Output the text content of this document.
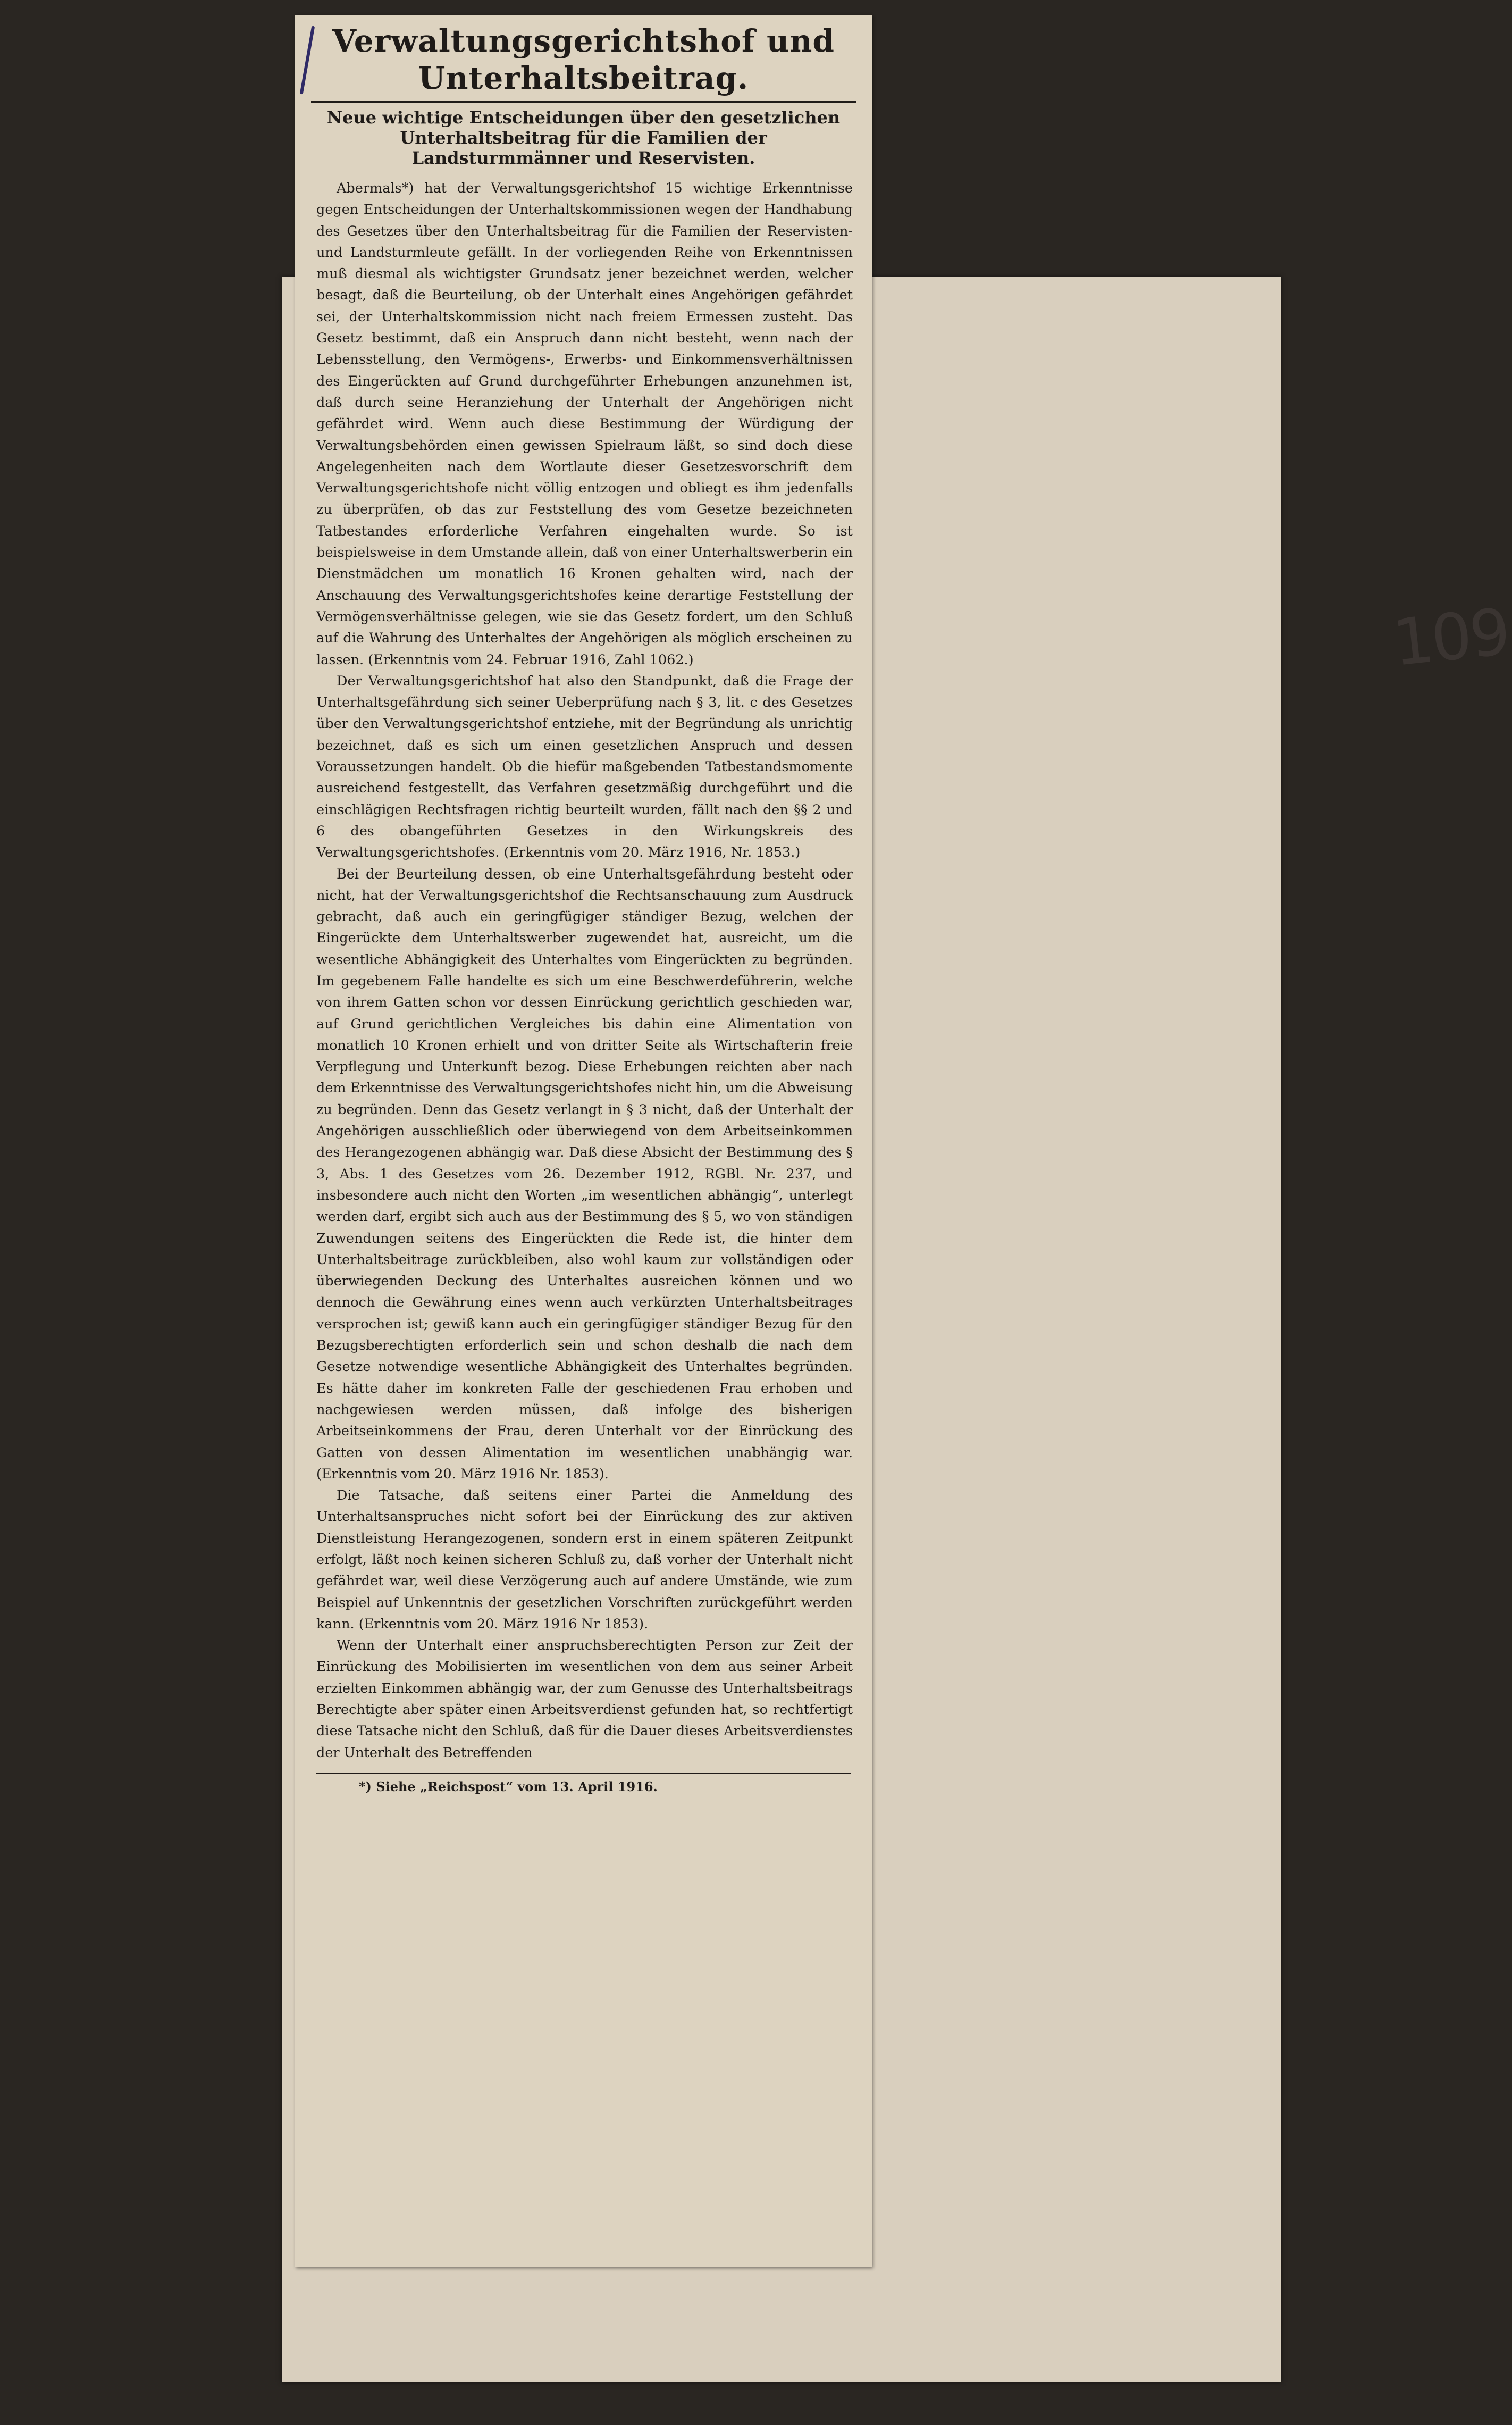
109
Verwaltungsgerichtshof und Unterhaltsbeitrag.
Neue wichtige Entscheidungen über den gesetzlichen Unterhaltsbeitrag für die Familien der Landsturmmänner und Reservisten.

Abermals*) hat der Verwaltungsgerichtshof 15 wichtige Erkenntnisse gegen Entscheidungen der Unterhaltskommissionen wegen der Handhabung des Gesetzes über den Unterhaltsbeitrag für die Familien der Reservisten- und Landsturmleute gefällt. In der vorliegenden Reihe von Erkenntnissen muß diesmal als wichtigster Grundsatz jener bezeichnet werden, welcher besagt, daß die Beurteilung, ob der Unterhalt eines Angehörigen gefährdet sei, der Unterhaltskommission nicht nach freiem Ermessen zusteht. Das Gesetz bestimmt, daß ein Anspruch dann nicht besteht, wenn nach der Lebensstellung, den Vermögens-, Erwerbs- und Einkommensverhältnissen des Eingerückten auf Grund durchgeführter Erhebungen anzunehmen ist, daß durch seine Heranziehung der Unterhalt der Angehörigen nicht gefährdet wird. Wenn auch diese Bestimmung der Würdigung der Verwaltungsbehörden einen gewissen Spielraum läßt, so sind doch diese Angelegenheiten nach dem Wortlaute dieser Gesetzesvorschrift dem Verwaltungsgerichtshofe nicht völlig entzogen und obliegt es ihm jedenfalls zu überprüfen, ob das zur Feststellung des vom Gesetze bezeichneten Tatbestandes erforderliche Verfahren eingehalten wurde. So ist beispielsweise in dem Umstande allein, daß von einer Unterhaltswerberin ein Dienstmädchen um monatlich 16 Kronen gehalten wird, nach der Anschauung des Verwaltungsgerichtshofes keine derartige Feststellung der Vermögensverhältnisse gelegen, wie sie das Gesetz fordert, um den Schluß auf die Wahrung des Unterhaltes der Angehörigen als möglich erscheinen zu lassen. (Erkenntnis vom 24. Februar 1916, Zahl 1062.)

Der Verwaltungsgerichtshof hat also den Standpunkt, daß die Frage der Unterhaltsgefährdung sich seiner Ueberprüfung nach § 3, lit. c des Gesetzes über den Verwaltungsgerichtshof entziehe, mit der Begründung als unrichtig bezeichnet, daß es sich um einen gesetzlichen Anspruch und dessen Voraussetzungen handelt. Ob die hiefür maßgebenden Tatbestandsmomente ausreichend festgestellt, das Verfahren gesetzmäßig durchgeführt und die einschlägigen Rechtsfragen richtig beurteilt wurden, fällt nach den §§ 2 und 6 des obangeführten Gesetzes in den Wirkungskreis des Verwaltungsgerichtshofes. (Erkenntnis vom 20. März 1916, Nr. 1853.)

Bei der Beurteilung dessen, ob eine Unterhaltsgefährdung besteht oder nicht, hat der Verwaltungsgerichtshof die Rechtsanschauung zum Ausdruck gebracht, daß auch ein geringfügiger ständiger Bezug, welchen der Eingerückte dem Unterhaltswerber zugewendet hat, ausreicht, um die wesentliche Abhängigkeit des Unterhaltes vom Eingerückten zu begründen. Im gegebenem Falle handelte es sich um eine Beschwerdeführerin, welche von ihrem Gatten schon vor dessen Einrückung gerichtlich geschieden war, auf Grund gerichtlichen Vergleiches bis dahin eine Alimentation von monatlich 10 Kronen erhielt und von dritter Seite als Wirtschafterin freie Verpflegung und Unterkunft bezog. Diese Erhebungen reichten aber nach dem Erkenntnisse des Verwaltungsgerichtshofes nicht hin, um die Abweisung zu begründen. Denn das Gesetz verlangt in § 3 nicht, daß der Unterhalt der Angehörigen ausschließlich oder überwiegend von dem Arbeitseinkommen des Herangezogenen abhängig war. Daß diese Absicht der Bestimmung des § 3, Abs. 1 des Gesetzes vom 26. Dezember 1912, RGBl. Nr. 237, und insbesondere auch nicht den Worten „im wesentlichen abhängig“, unterlegt werden darf, ergibt sich auch aus der Bestimmung des § 5, wo von ständigen Zuwendungen seitens des Eingerückten die Rede ist, die hinter dem Unterhaltsbeitrage zurückbleiben, also wohl kaum zur vollständigen oder überwiegenden Deckung des Unterhaltes ausreichen können und wo dennoch die Gewährung eines wenn auch verkürzten Unterhaltsbeitrages versprochen ist; gewiß kann auch ein geringfügiger ständiger Bezug für den Bezugsberechtigten erforderlich sein und schon deshalb die nach dem Gesetze notwendige wesentliche Abhängigkeit des Unterhaltes begründen. Es hätte daher im konkreten Falle der geschiedenen Frau erhoben und nachgewiesen werden müssen, daß infolge des bisherigen Arbeitseinkommens der Frau, deren Unterhalt vor der Einrückung des Gatten von dessen Alimentation im wesentlichen unabhängig war. (Erkenntnis vom 20. März 1916 Nr. 1853).

Die Tatsache, daß seitens einer Partei die Anmeldung des Unterhaltsanspruches nicht sofort bei der Einrückung des zur aktiven Dienstleistung Herangezogenen, sondern erst in einem späteren Zeitpunkt erfolgt, läßt noch keinen sicheren Schluß zu, daß vorher der Unterhalt nicht gefährdet war, weil diese Verzögerung auch auf andere Umstände, wie zum Beispiel auf Unkenntnis der gesetzlichen Vorschriften zurückgeführt werden kann. (Erkenntnis vom 20. März 1916 Nr 1853).

Wenn der Unterhalt einer anspruchsberechtigten Person zur Zeit der Einrückung des Mobilisierten im wesentlichen von dem aus seiner Arbeit erzielten Einkommen abhängig war, der zum Genusse des Unterhaltsbeitrags Berechtigte aber später einen Arbeitsverdienst gefunden hat, so rechtfertigt diese Tatsache nicht den Schluß, daß für die Dauer dieses Arbeitsverdienstes der Unterhalt des Betreffenden

*) Siehe „Reichspost“ vom 13. April 1916.
